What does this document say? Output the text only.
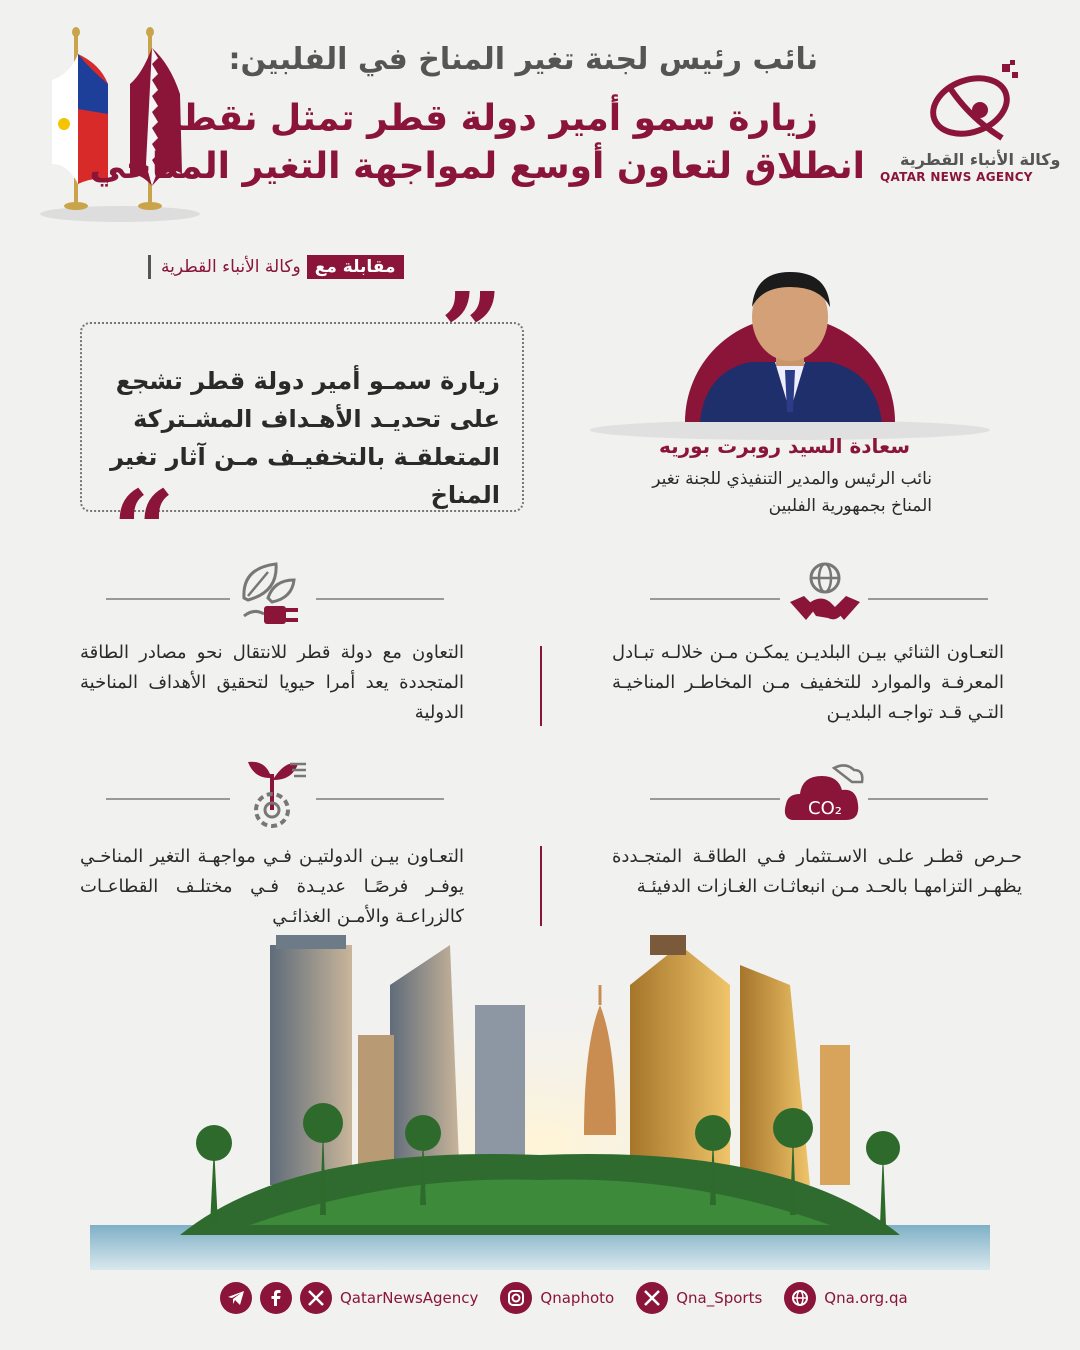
نائب رئيس لجنة تغير المناخ في الفلبين:
زيارة سمو أمير دولة قطر تمثل نقطة
انطلاق لتعاون أوسع لمواجهة التغير المناخي وكالة الأنباء القطرية
QATAR NEWS AGENCY
مقابلة مع
وكالة الأنباء القطرية
”
“
زيارة سمـو أمير دولة قطر تشجع على تحديـد الأهـداف المشـتركة المتعلقـة بالتخفيـف مـن آثار تغير المناخ
سعادة السيد روبرت بوريه
نائب الرئيس والمدير التنفيذي للجنة تغير المناخ بجمهورية الفلبين
التعـاون الثنائي بيـن البلديـن يمكـن مـن خلالـه تبـادل المعرفـة والموارد للتخفيف مـن المخاطـر المناخيـة التـي قـد تواجـه البلديـن
التعاون مع دولة قطر للانتقال نحو مصادر الطاقة المتجددة يعد أمرا حيويا لتحقيق الأهداف المناخية الدولية
CO₂
حـرص قطـر علـى الاسـتثمار فـي الطاقـة المتجـددة يظهـر التزامهـا بالحـد مـن انبعاثـات الغـازات الدفيئـة
التعـاون بيـن الدولتيـن فـي مواجهـة التغير المناخـي يوفـر فرصًـا عديـدة فـي مختلـف القطاعـات كالزراعـة والأمـن الغذائـي
QatarNewsAgency	Qnaphoto	Qna_Sports	Qna.org.qa
